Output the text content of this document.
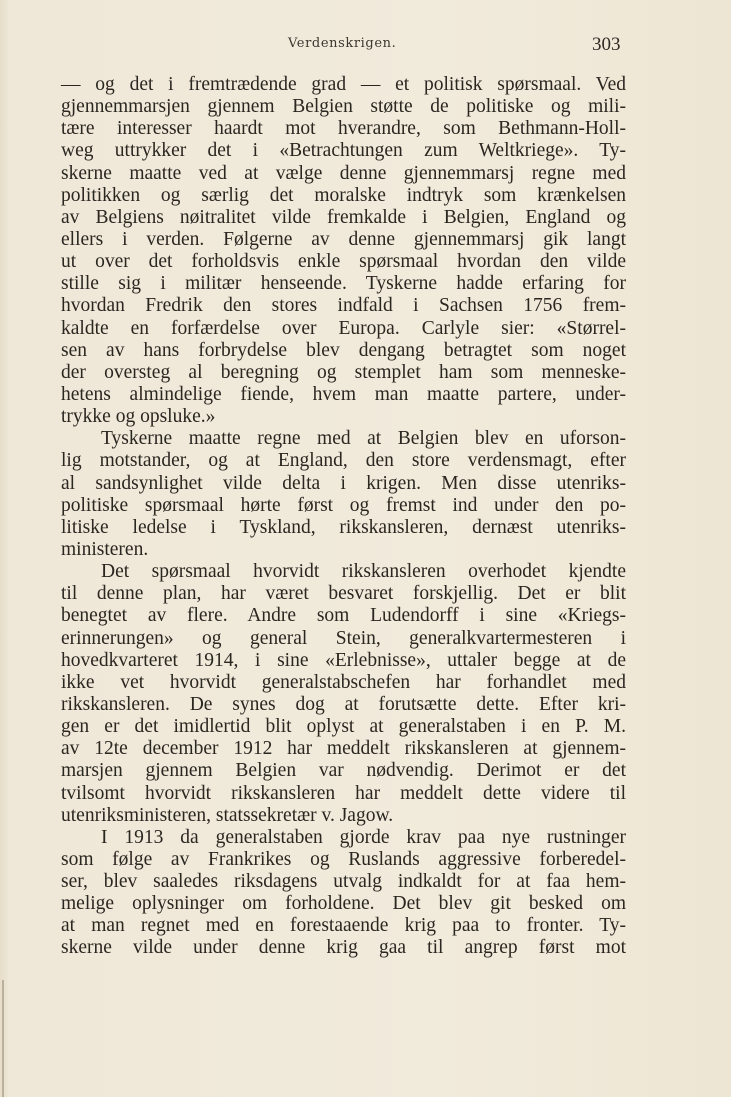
Verdenskrigen.	303
— og det i fremtrædende grad — et politisk spørsmaal. Ved
gjennemmarsjen gjennem Belgien støtte de politiske og mili-
tære interesser haardt mot hverandre, som Bethmann-Holl-
weg uttrykker det i «Betrachtungen zum Weltkriege». Ty-
skerne maatte ved at vælge denne gjennemmarsj regne med
politikken og særlig det moralske indtryk som krænkelsen
av Belgiens nøitralitet vilde fremkalde i Belgien, England og
ellers i verden. Følgerne av denne gjennemmarsj gik langt
ut over det forholdsvis enkle spørsmaal hvordan den vilde
stille sig i militær henseende. Tyskerne hadde erfaring for
hvordan Fredrik den stores indfald i Sachsen 1756 frem-
kaldte en forfærdelse over Europa. Carlyle sier: «Størrel-
sen av hans forbrydelse blev dengang betragtet som noget
der oversteg al beregning og stemplet ham som menneske-
hetens almindelige fiende, hvem man maatte partere, under-
trykke og opsluke.»
Tyskerne maatte regne med at Belgien blev en uforson-
lig motstander, og at England, den store verdensmagt, efter
al sandsynlighet vilde delta i krigen. Men disse utenriks-
politiske spørsmaal hørte først og fremst ind under den po-
litiske ledelse i Tyskland, rikskansleren, dernæst utenriks-
ministeren.
Det spørsmaal hvorvidt rikskansleren overhodet kjendte
til denne plan, har været besvaret forskjellig. Det er blit
benegtet av flere. Andre som Ludendorff i sine «Kriegs-
erinnerungen» og general Stein, generalkvartermesteren i
hovedkvarteret 1914, i sine «Erlebnisse», uttaler begge at de
ikke vet hvorvidt generalstabschefen har forhandlet med
rikskansleren. De synes dog at forutsætte dette. Efter kri-
gen er det imidlertid blit oplyst at generalstaben i en P. M.
av 12te december 1912 har meddelt rikskansleren at gjennem-
marsjen gjennem Belgien var nødvendig. Derimot er det
tvilsomt hvorvidt rikskansleren har meddelt dette videre til
utenriksministeren, statssekretær v. Jagow.
I 1913 da generalstaben gjorde krav paa nye rustninger
som følge av Frankrikes og Ruslands aggressive forberedel-
ser, blev saaledes riksdagens utvalg indkaldt for at faa hem-
melige oplysninger om forholdene. Det blev git besked om
at man regnet med en forestaaende krig paa to fronter. Ty-
skerne vilde under denne krig gaa til angrep først mot
